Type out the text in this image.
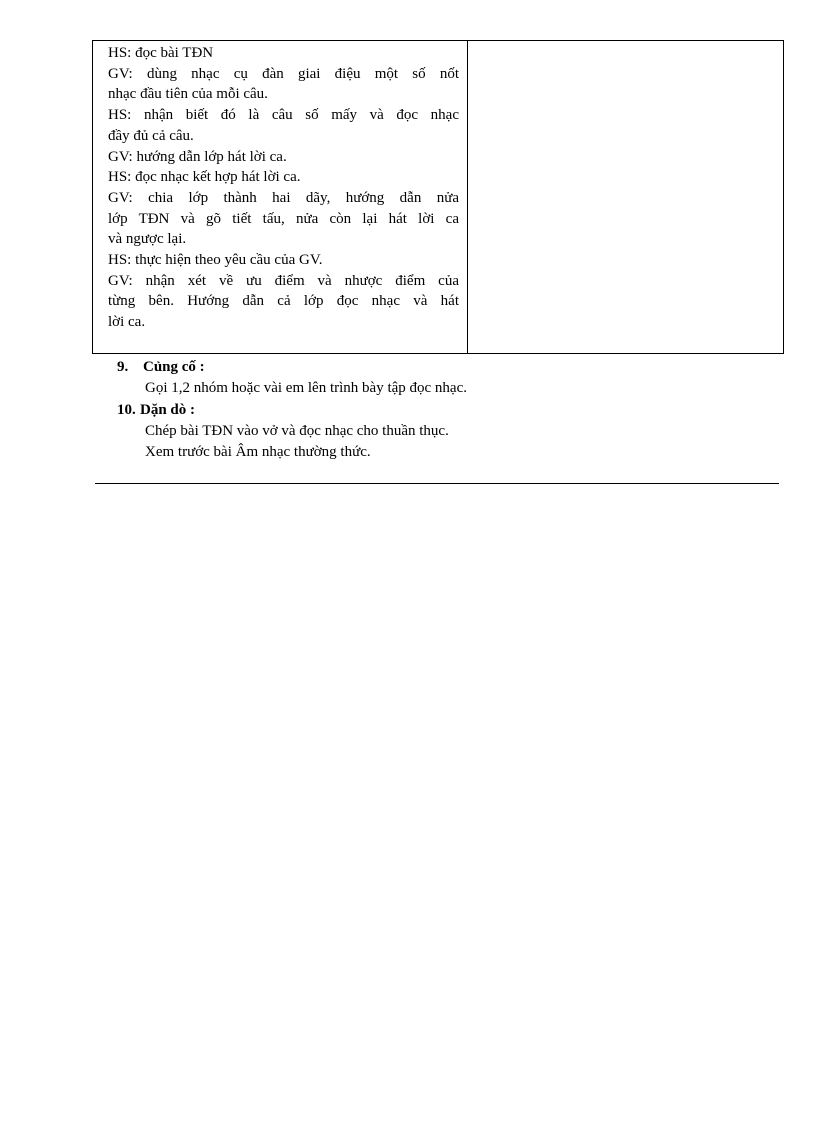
HS: đọc bài TĐN
GV: dùng nhạc cụ đàn giai điệu một số nốt
nhạc đầu tiên của mỗi câu.
HS: nhận biết đó là câu số mấy và đọc nhạc
đầy đủ cả câu.
GV: hướng dẫn lớp hát lời ca.
HS: đọc nhạc kết hợp hát lời ca.
GV: chia lớp thành hai dãy, hướng dẫn nửa
lớp TĐN và gõ tiết tấu, nửa còn lại hát lời ca
và ngược lại.
HS: thực hiện theo yêu cầu của GV.
GV: nhận xét về ưu điểm và nhược điểm của
từng bên. Hướng dẫn cả lớp đọc nhạc và hát
lời ca.

9. Củng cố :
Gọi 1,2 nhóm hoặc vài em lên trình bày tập đọc nhạc.
10. Dặn dò :
Chép bài TĐN vào vở và đọc nhạc cho thuần thục.
Xem trước bài Âm nhạc thường thức.
